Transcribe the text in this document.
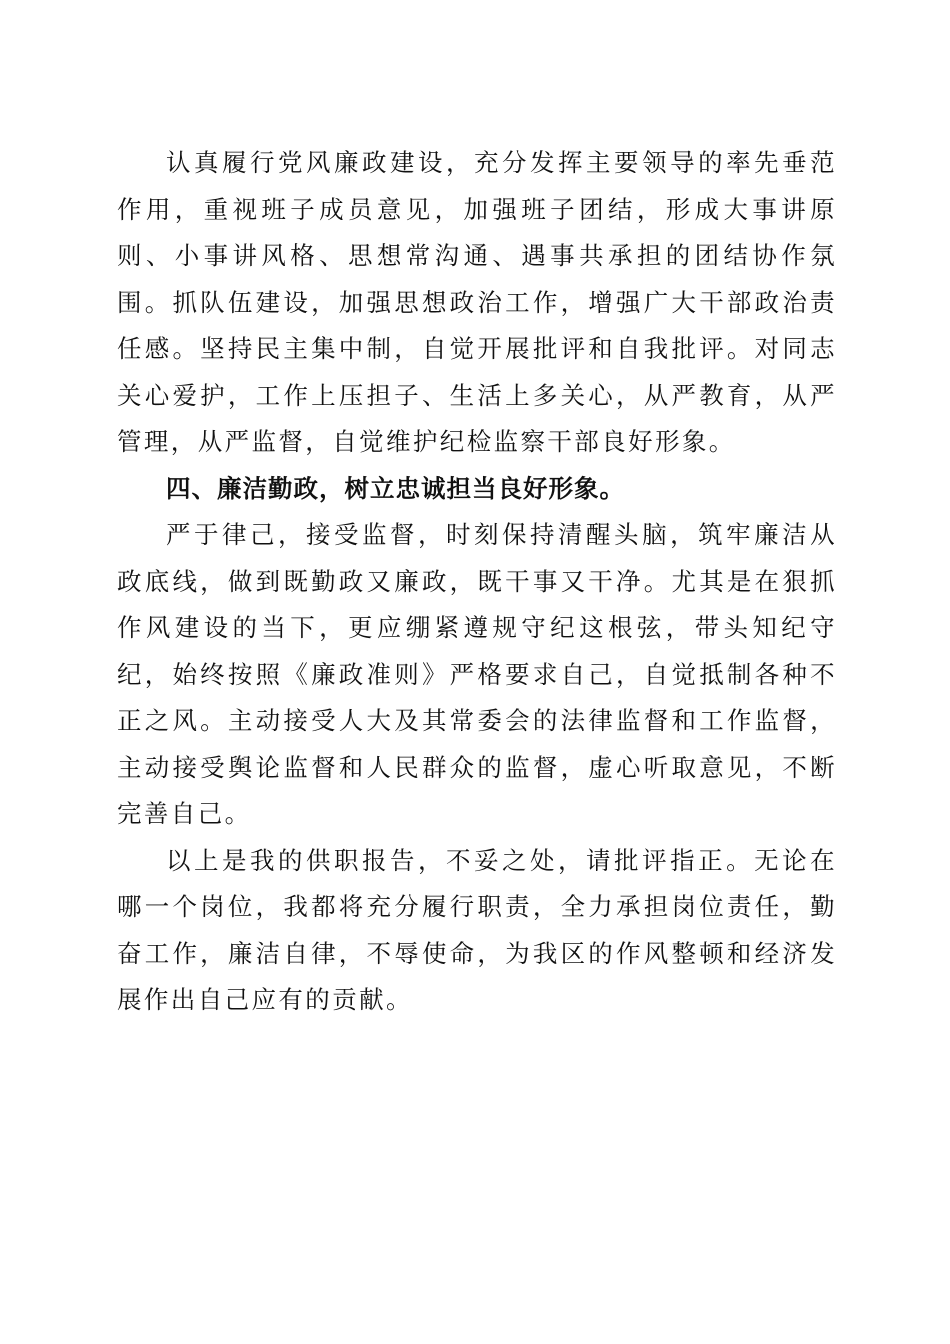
认真履行党风廉政建设，充分发挥主要领导的率先垂范作用，重视班子成员意见，加强班子团结，形成大事讲原则、小事讲风格、思想常沟通、遇事共承担的团结协作氛围。抓队伍建设，加强思想政治工作，增强广大干部政治责任感。坚持民主集中制，自觉开展批评和自我批评。对同志关心爱护，工作上压担子、生活上多关心，从严教育，从严管理，从严监督，自觉维护纪检监察干部良好形象。

四、廉洁勤政，树立忠诚担当良好形象。

严于律己，接受监督，时刻保持清醒头脑，筑牢廉洁从政底线，做到既勤政又廉政，既干事又干净。尤其是在狠抓作风建设的当下，更应绷紧遵规守纪这根弦，带头知纪守纪，始终按照《廉政准则》严格要求自己，自觉抵制各种不正之风。主动接受人大及其常委会的法律监督和工作监督，主动接受舆论监督和人民群众的监督，虚心听取意见，不断完善自己。

以上是我的供职报告，不妥之处，请批评指正。无论在哪一个岗位，我都将充分履行职责，全力承担岗位责任，勤奋工作，廉洁自律，不辱使命，为我区的作风整顿和经济发展作出自己应有的贡献。
